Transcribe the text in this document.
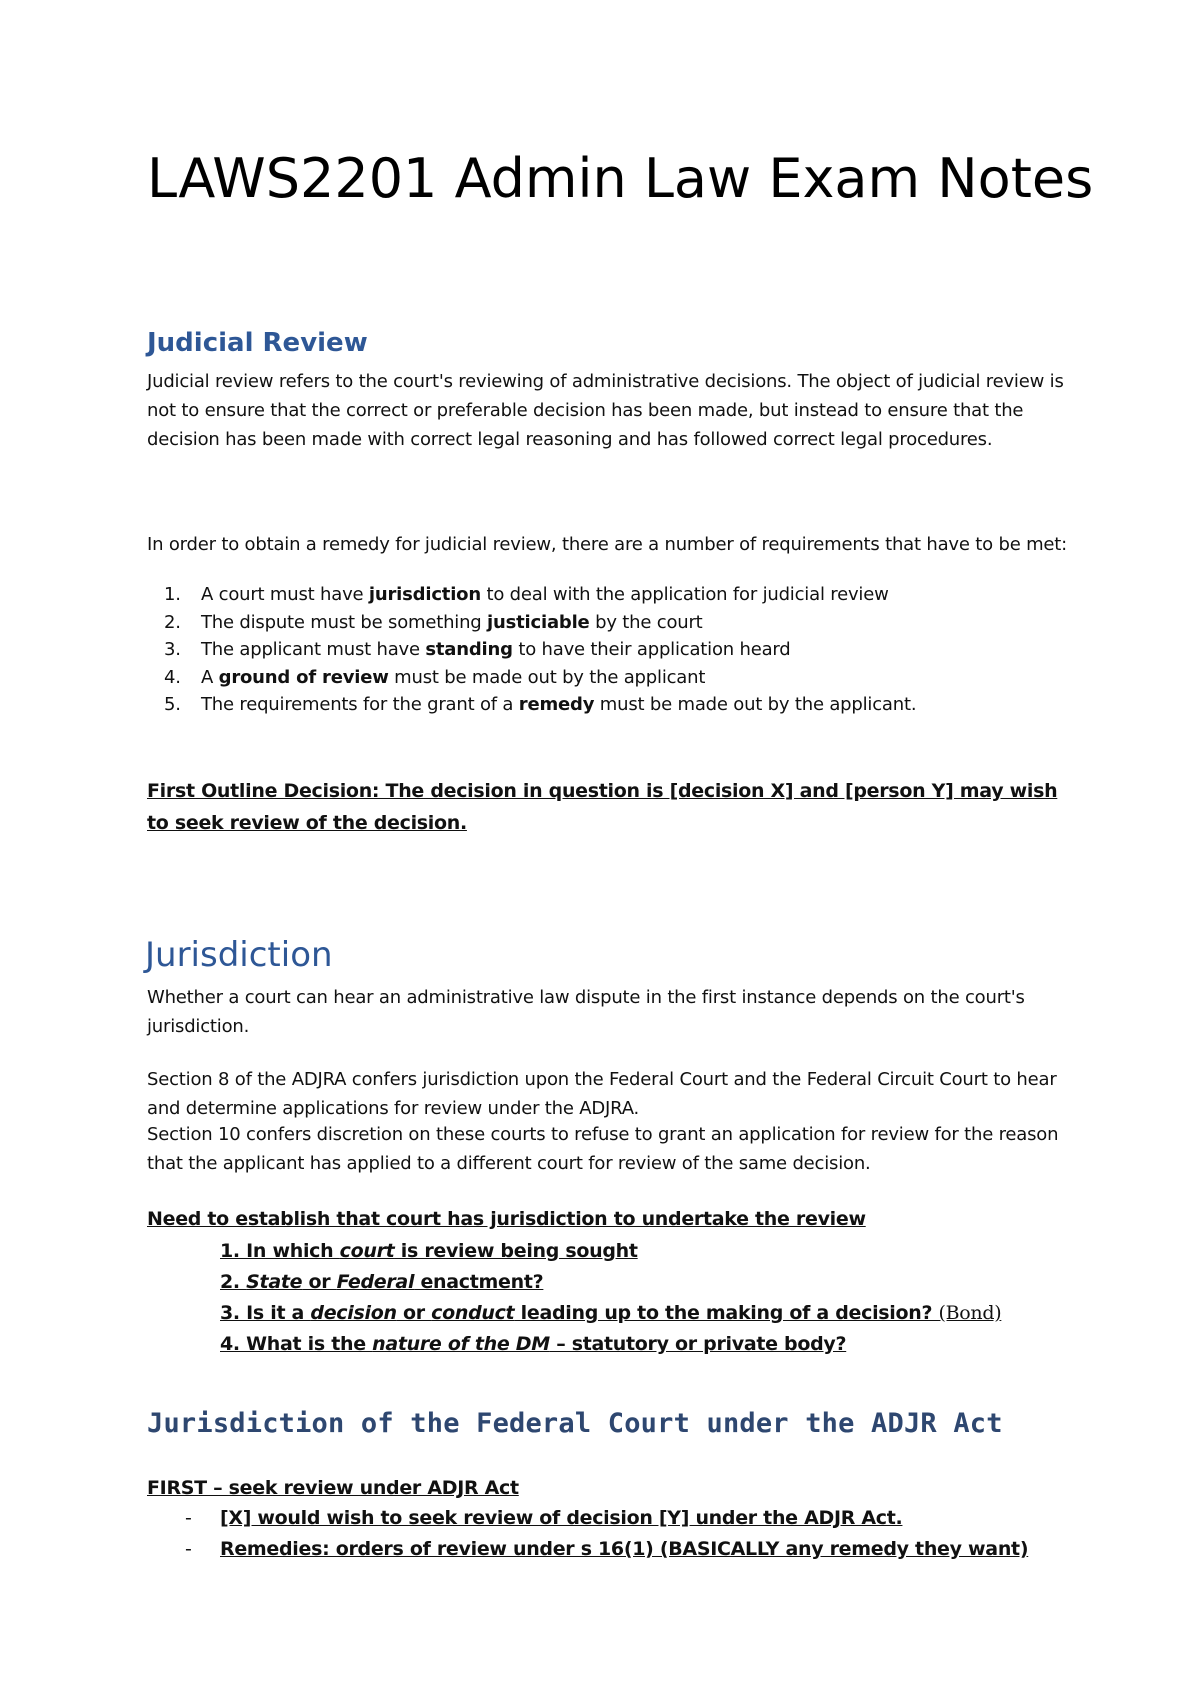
LAWS2201 Admin Law Exam Notes
Judicial Review

Judicial review refers to the court's reviewing of administrative decisions. The object of judicial review is not to ensure that the correct or preferable decision has been made, but instead to ensure that the decision has been made with correct legal reasoning and has followed correct legal procedures.

In order to obtain a remedy for judicial review, there are a number of requirements that have to be met:

1. A court must have jurisdiction to deal with the application for judicial review
2. The dispute must be something justiciable by the court
3. The applicant must have standing to have their application heard
4. A ground of review must be made out by the applicant
5. The requirements for the grant of a remedy must be made out by the applicant.

First Outline Decision: The decision in question is [decision X] and [person Y] may wish to seek review of the decision.

Jurisdiction

Whether a court can hear an administrative law dispute in the first instance depends on the court's jurisdiction.

Section 8 of the ADJRA confers jurisdiction upon the Federal Court and the Federal Circuit Court to hear and determine applications for review under the ADJRA.

Section 10 confers discretion on these courts to refuse to grant an application for review for the reason that the applicant has applied to a different court for review of the same decision.

Need to establish that court has jurisdiction to undertake the review

1. In which court is review being sought
2. State or Federal enactment?
3. Is it a decision or conduct leading up to the making of a decision? (Bond)
4. What is the nature of the DM – statutory or private body?
Jurisdiction of the Federal Court under the ADJR Act

FIRST – seek review under ADJR Act

- [X] would wish to seek review of decision [Y] under the ADJR Act.
- Remedies: orders of review under s 16(1) (BASICALLY any remedy they want)
